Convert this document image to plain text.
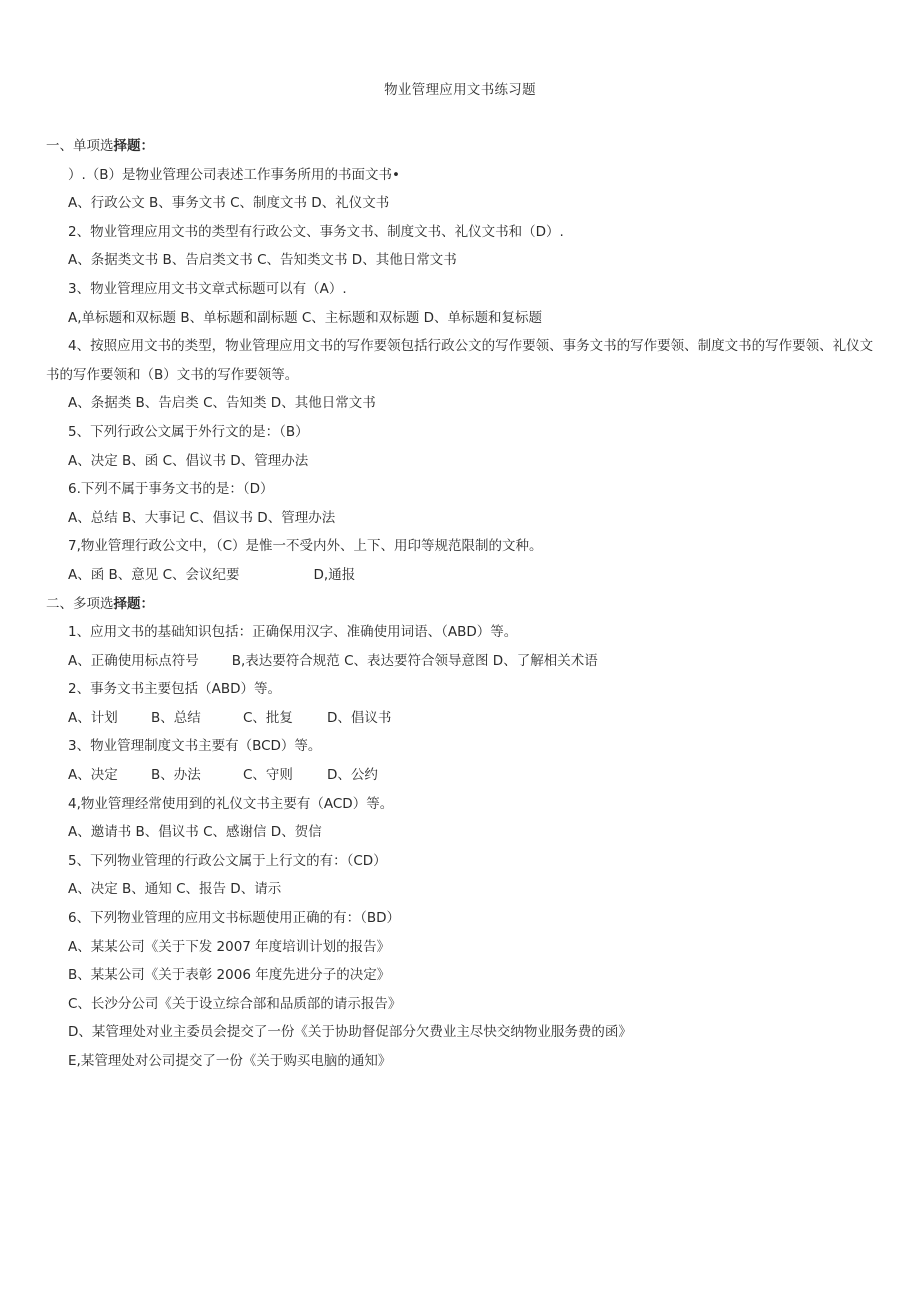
物业管理应用文书练习题
一、单项选择题：
）.（B）是物业管理公司表述工作事务所用的书面文书•
A、行政公文 B、事务文书 C、制度文书 D、礼仪文书
2、物业管理应用文书的类型有行政公文、事务文书、制度文书、礼仪文书和（D）.
A、条据类文书 B、告启类文书 C、告知类文书 D、其他日常文书
3、物业管理应用文书文章式标题可以有（A）.
A,单标题和双标题 B、单标题和副标题 C、主标题和双标题 D、单标题和复标题
4、按照应用文书的类型，物业管理应用文书的写作要领包括行政公文的写作要领、事务文书的写作要领、制度文书的写作要领、礼仪文书的写作要领和（B）文书的写作要领等。
A、条据类 B、告启类 C、告知类 D、其他日常文书
5、下列行政公文属于外行文的是：（B）
A、决定 B、函 C、倡议书 D、管理办法
6.下列不属于事务文书的是：（D）
A、总结 B、大事记 C、倡议书 D、管理办法
7,物业管理行政公文中，（C）是惟一不受内外、上下、用印等规范限制的文种。
A、函 B、意见 C、会议纪要	D,通报
二、多项选择题：
1、应用文书的基础知识包括：正确保用汉字、准确使用词语、（ABD）等。
A、正确使用标点符号 B,表达要符合规范 C、表达要符合领导意图 D、了解相关术语
2、事务文书主要包括（ABD）等。
A、计划 B、总结	C、批复	D、倡议书
3、物业管理制度文书主要有（BCD）等。
A、决定 B、办法	C、守则	D、公约
4,物业管理经常使用到的礼仪文书主要有（ACD）等。
A、邀请书 B、倡议书 C、感谢信 D、贺信
5、下列物业管理的行政公文属于上行文的有：（CD）
A、决定 B、通知 C、报告 D、请示
6、下列物业管理的应用文书标题使用正确的有：（BD）
A、某某公司《关于下发 2007 年度培训计划的报告》
B、某某公司《关于表彰 2006 年度先进分子的决定》
C、长沙分公司《关于设立综合部和品质部的请示报告》
D、某管理处对业主委员会提交了一份《关于协助督促部分欠费业主尽快交纳物业服务费的函》
E,某管理处对公司提交了一份《关于购买电脑的通知》
